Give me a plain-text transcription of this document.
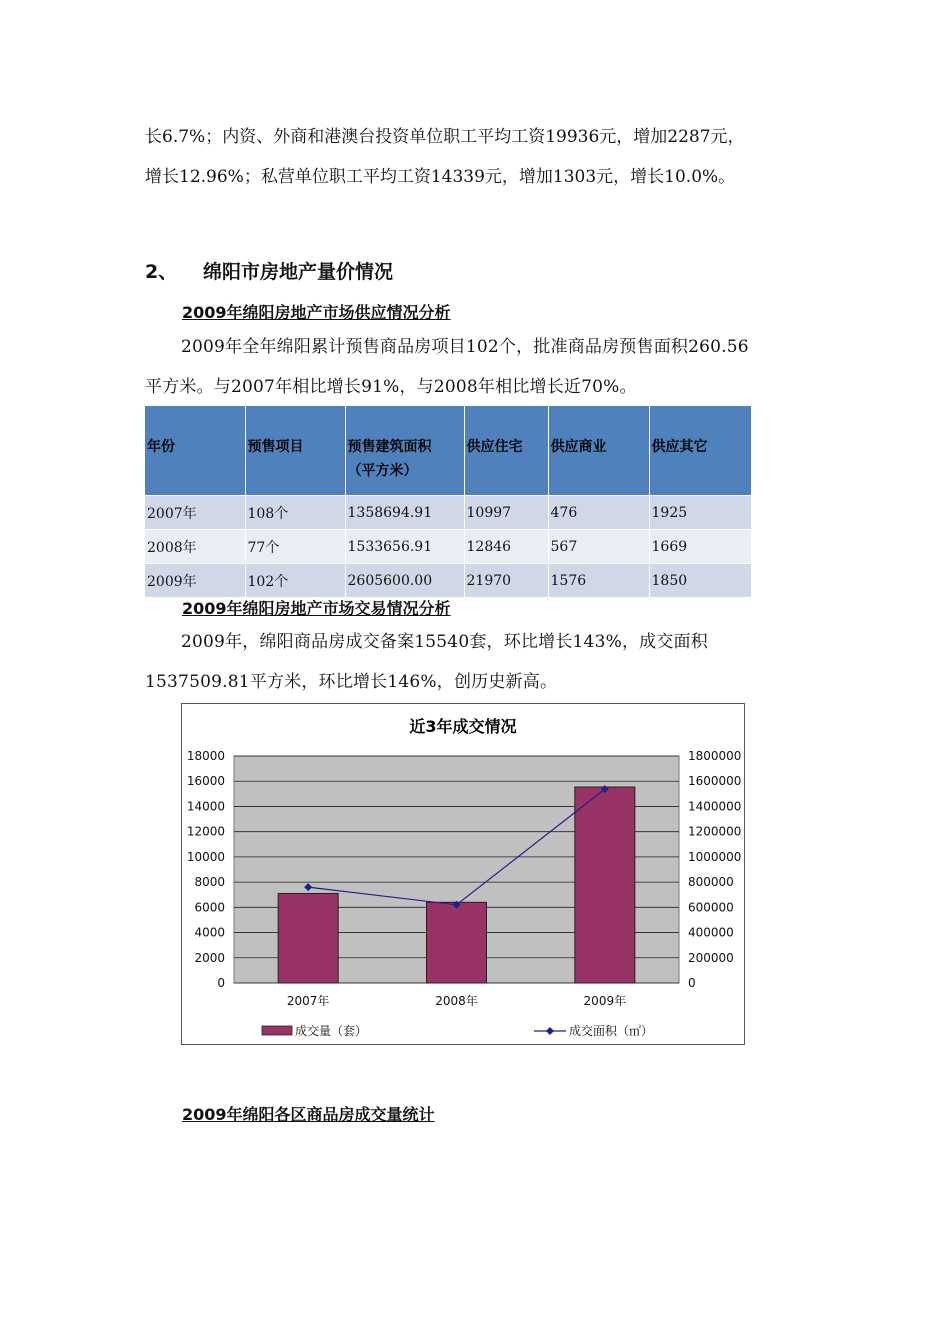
长6.7%；内资、外商和港澳台投资单位职工平均工资19936元，增加2287元，
增长12.96%；私营单位职工平均工资14339元，增加1303元，增长10.0%。

2、 绵阳市房地产量价情况
2009年绵阳房地产市场供应情况分析

2009年全年绵阳累计预售商品房项目102个，批准商品房预售面积260.56
平方米。与2007年相比增长91%，与2008年相比增长近70%。

年份	预售项目	预售建筑面积（平方米）	供应住宅	供应商业	供应其它
2007年	108个	1358694.91	10997	476	1925
2008年	77个	1533656.91	12846	567	1669
2009年	102个	2605600.00	21970	1576	1850
2009年绵阳房地产市场交易情况分析

2009年，绵阳商品房成交备案15540套，环比增长143%，成交面积
1537509.81平方米，环比增长146%，创历史新高。

近3年成交情况
0
2000
4000
6000
8000
10000
12000
14000
16000
18000
0
200000
400000
600000
800000
1000000
1200000
1400000
1600000
1800000
2007年	2008年	2009年
成交量（套）	成交面积（㎡）
2009年绵阳各区商品房成交量统计
